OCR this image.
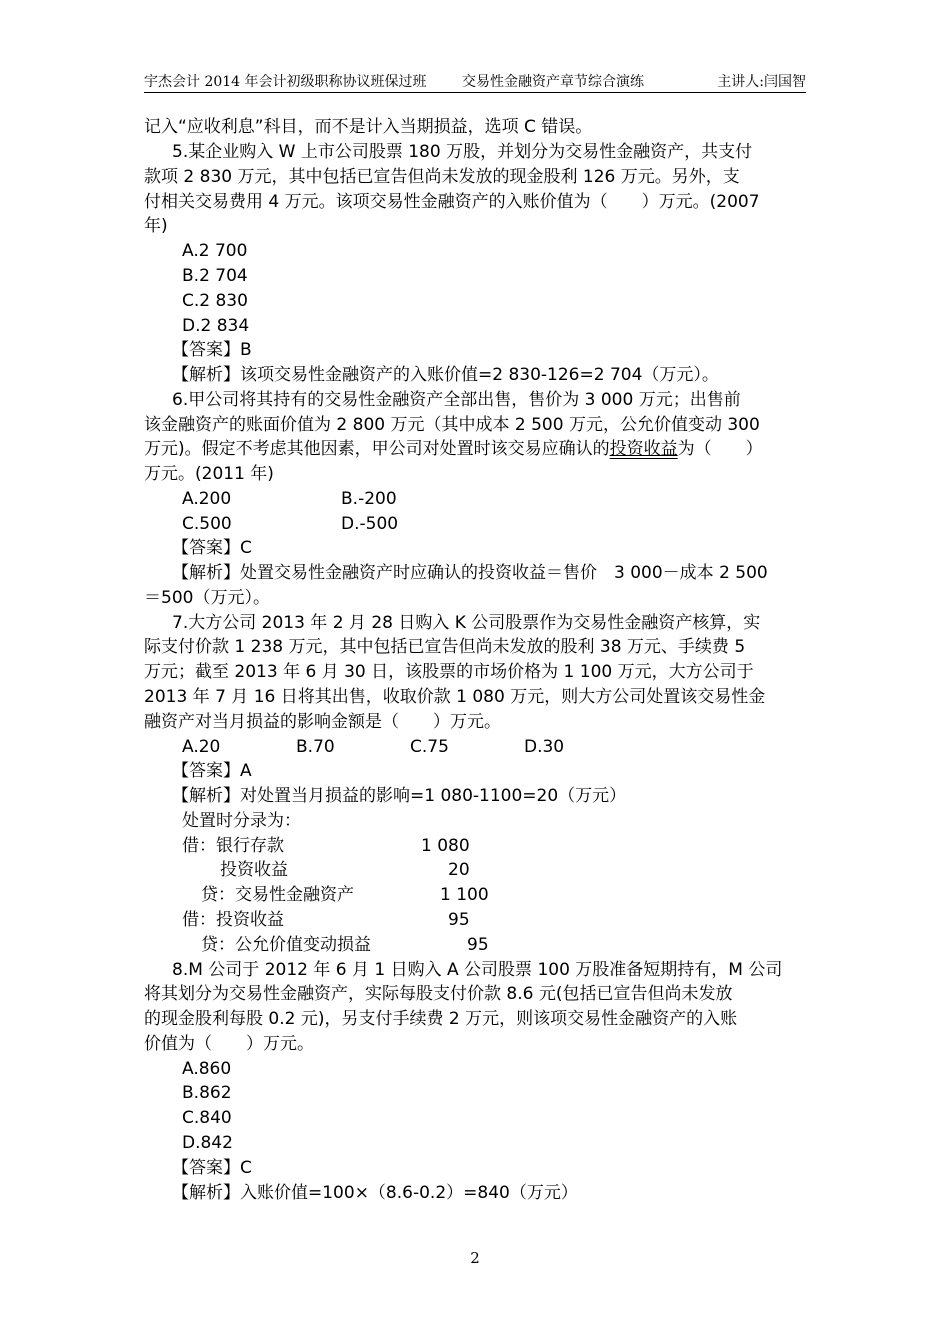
宇杰会计 2014 年会计初级职称协议班保过班	交易性金融资产章节综合演练	主讲人:闫国智
记入“应收利息”科目，而不是计入当期损益，选项 C 错误。
5.某企业购入 W 上市公司股票 180 万股，并划分为交易性金融资产，共支付
款项 2 830 万元，其中包括已宣告但尚未发放的现金股利 126 万元。另外，支
付相关交易费用 4 万元。该项交易性金融资产的入账价值为（　　）万元。(2007
年)
A.2 700
B.2 704
C.2 830
D.2 834
【答案】B
【解析】该项交易性金融资产的入账价值=2 830-126=2 704（万元）。
6.甲公司将其持有的交易性金融资产全部出售，售价为 3 000 万元；出售前
该金融资产的账面价值为 2 800 万元（其中成本 2 500 万元，公允价值变动 300
万元)。假定不考虑其他因素，甲公司对处置时该交易应确认的投资收益为（　　）
万元。(2011 年)
A.200	B.-200
C.500	D.-500
【答案】C
【解析】处置交易性金融资产时应确认的投资收益＝售价　3 000－成本 2 500
＝500（万元）。
7.大方公司 2013 年 2 月 28 日购入 K 公司股票作为交易性金融资产核算，实
际支付价款 1 238 万元，其中包括已宣告但尚未发放的股利 38 万元、手续费 5
万元；截至 2013 年 6 月 30 日，该股票的市场价格为 1 100 万元，大方公司于
2013 年 7 月 16 日将其出售，收取价款 1 080 万元，则大方公司处置该交易性金
融资产对当月损益的影响金额是（　　）万元。
A.20	B.70	C.75	D.30
【答案】A
【解析】对处置当月损益的影响=1 080-1100=20（万元）
处置时分录为：
借：银行存款	1 080
投资收益	20
贷：交易性金融资产	1 100
借：投资收益	95
贷：公允价值变动损益	95
8.M 公司于 2012 年 6 月 1 日购入 A 公司股票 100 万股准备短期持有，M 公司
将其划分为交易性金融资产，实际每股支付价款 8.6 元(包括已宣告但尚未发放
的现金股利每股 0.2 元)，另支付手续费 2 万元，则该项交易性金融资产的入账
价值为（　　）万元。
A.860
B.862
C.840
D.842
【答案】C
【解析】入账价值=100×（8.6-0.2）=840（万元）
2
